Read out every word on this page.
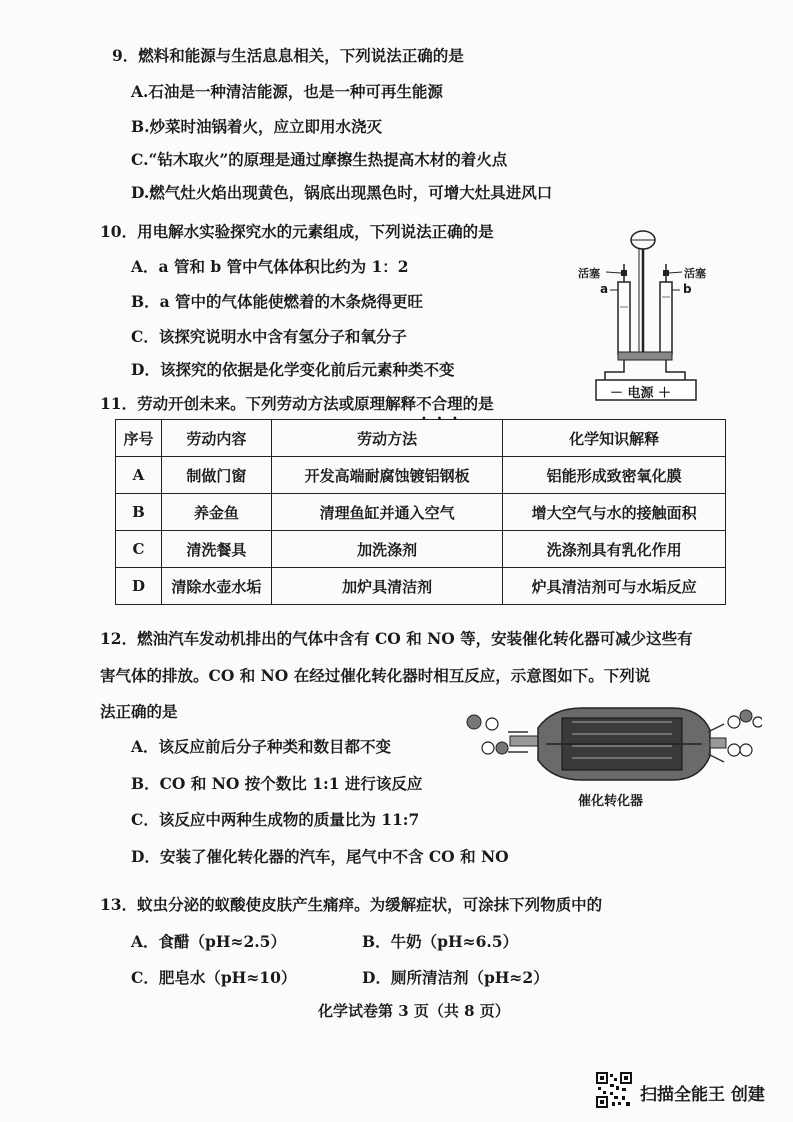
9．燃料和能源与生活息息相关，下列说法正确的是
A.石油是一种清洁能源，也是一种可再生能源
B.炒菜时油锅着火，应立即用水浇灭
C.“钻木取火”的原理是通过摩擦生热提高木材的着火点
D.燃气灶火焰出现黄色，锅底出现黑色时，可增大灶具进风口
10．用电解水实验探究水的元素组成，下列说法正确的是
A．a 管和 b 管中气体体积比约为 1：2
B．a 管中的气体能使燃着的木条烧得更旺
C．该探究说明水中含有氢分子和氧分子
D．该探究的依据是化学变化前后元素种类不变
活塞	活塞
a	b
－ 电源 ＋
11．劳动开创未来。下列劳动方法或原理解释不合理的是
序号	劳动内容	劳动方法	化学知识解释
A	制做门窗	开发高端耐腐蚀镀铝钢板	铝能形成致密氧化膜
B	养金鱼	清理鱼缸并通入空气	增大空气与水的接触面积
C	清洗餐具	加洗涤剂	洗涤剂具有乳化作用
D	清除水壶水垢	加炉具清洁剂	炉具清洁剂可与水垢反应
12．燃油汽车发动机排出的气体中含有 CO 和 NO 等，安装催化转化器可减少这些有
害气体的排放。CO 和 NO 在经过催化转化器时相互反应，示意图如下。下列说
法正确的是
A．该反应前后分子种类和数目都不变
B．CO 和 NO 按个数比 1:1 进行该反应
C．该反应中两种生成物的质量比为 11:7
D．安装了催化转化器的汽车，尾气中不含 CO 和 NO
催化转化器
13．蚊虫分泌的蚁酸使皮肤产生痛痒。为缓解症状，可涂抹下列物质中的
A．食醋（pH≈2.5）	B．牛奶（pH≈6.5）
C．肥皂水（pH≈10）	D．厕所清洁剂（pH≈2）
化学试卷第 3 页（共 8 页）
扫描全能王 创建
